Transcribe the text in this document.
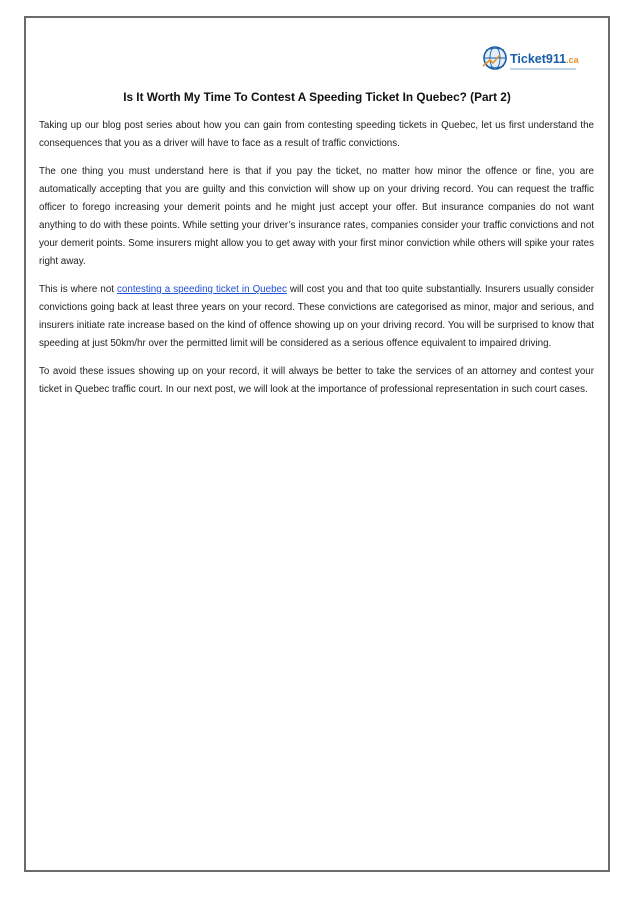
Ticket911.ca
Is It Worth My Time To Contest A Speeding Ticket In Quebec? (Part 2)

Taking up our blog post series about how you can gain from contesting speeding tickets in Quebec, let us first understand the consequences that you as a driver will have to face as a result of traffic convictions.

The one thing you must understand here is that if you pay the ticket, no matter how minor the offence or fine, you are automatically accepting that you are guilty and this conviction will show up on your driving record. You can request the traffic officer to forego increasing your demerit points and he might just accept your offer. But insurance companies do not want anything to do with these points. While setting your driver’s insurance rates, companies consider your traffic convictions and not your demerit points. Some insurers might allow you to get away with your first minor conviction while others will spike your rates right away.

This is where not contesting a speeding ticket in Quebec will cost you and that too quite substantially. Insurers usually consider convictions going back at least three years on your record. These convictions are categorised as minor, major and serious, and insurers initiate rate increase based on the kind of offence showing up on your driving record. You will be surprised to know that speeding at just 50km/hr over the permitted limit will be considered as a serious offence equivalent to impaired driving.

To avoid these issues showing up on your record, it will always be better to take the services of an attorney and contest your ticket in Quebec traffic court. In our next post, we will look at the importance of professional representation in such court cases.
